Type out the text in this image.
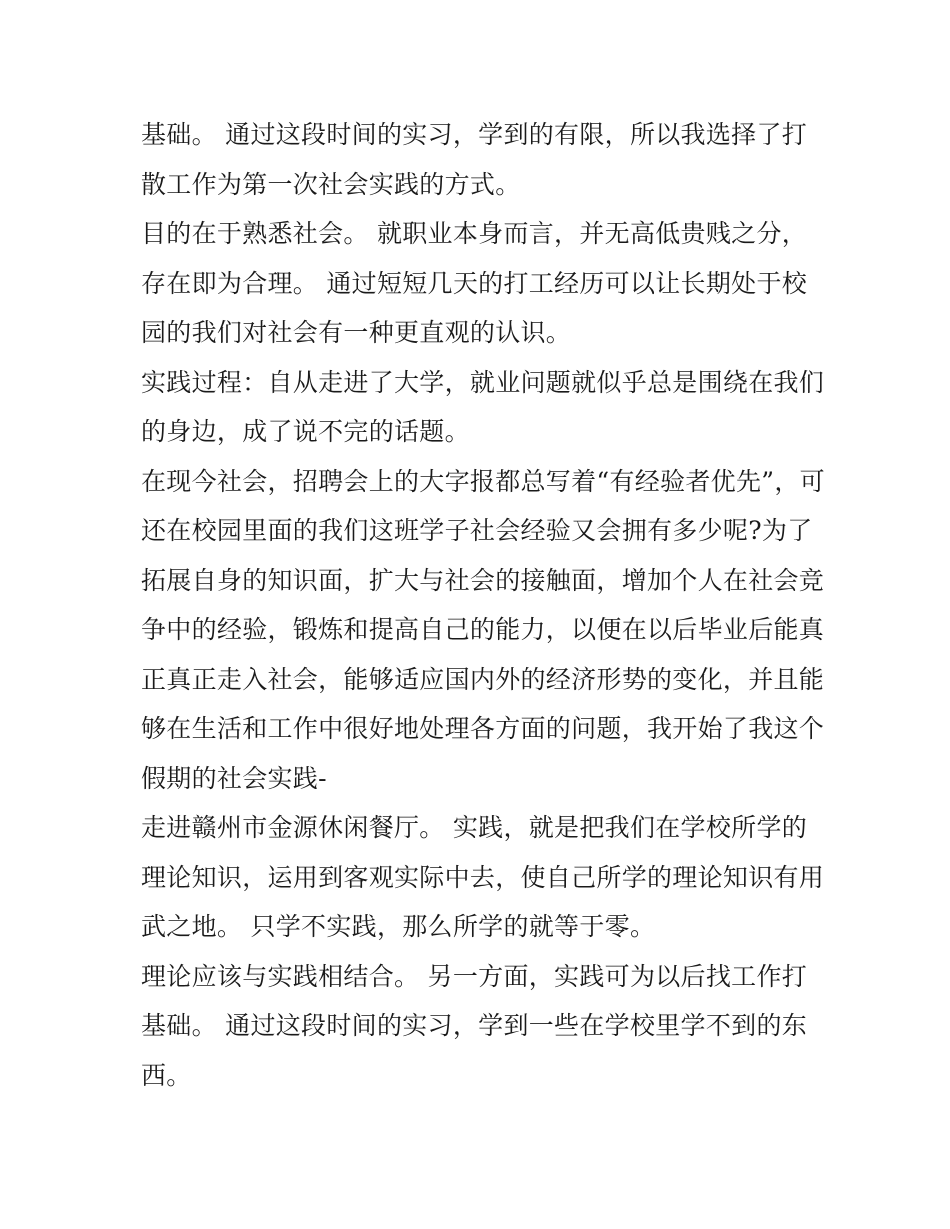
基础。 通过这段时间的实习，学到的有限，所以我选择了打
散工作为第一次社会实践的方式。
目的在于熟悉社会。 就职业本身而言，并无高低贵贱之分，
存在即为合理。 通过短短几天的打工经历可以让长期处于校
园的我们对社会有一种更直观的认识。
实践过程：自从走进了大学，就业问题就似乎总是围绕在我们
的身边，成了说不完的话题。
在现今社会，招聘会上的大字报都总写着“有经验者优先”，可
还在校园里面的我们这班学子社会经验又会拥有多少呢?为了
拓展自身的知识面，扩大与社会的接触面，增加个人在社会竞
争中的经验，锻炼和提高自己的能力，以便在以后毕业后能真
正真正走入社会，能够适应国内外的经济形势的变化，并且能
够在生活和工作中很好地处理各方面的问题，我开始了我这个
假期的社会实践-
走进赣州市金源休闲餐厅。 实践，就是把我们在学校所学的
理论知识，运用到客观实际中去，使自己所学的理论知识有用
武之地。 只学不实践，那么所学的就等于零。
理论应该与实践相结合。 另一方面，实践可为以后找工作打
基础。 通过这段时间的实习，学到一些在学校里学不到的东
西。
